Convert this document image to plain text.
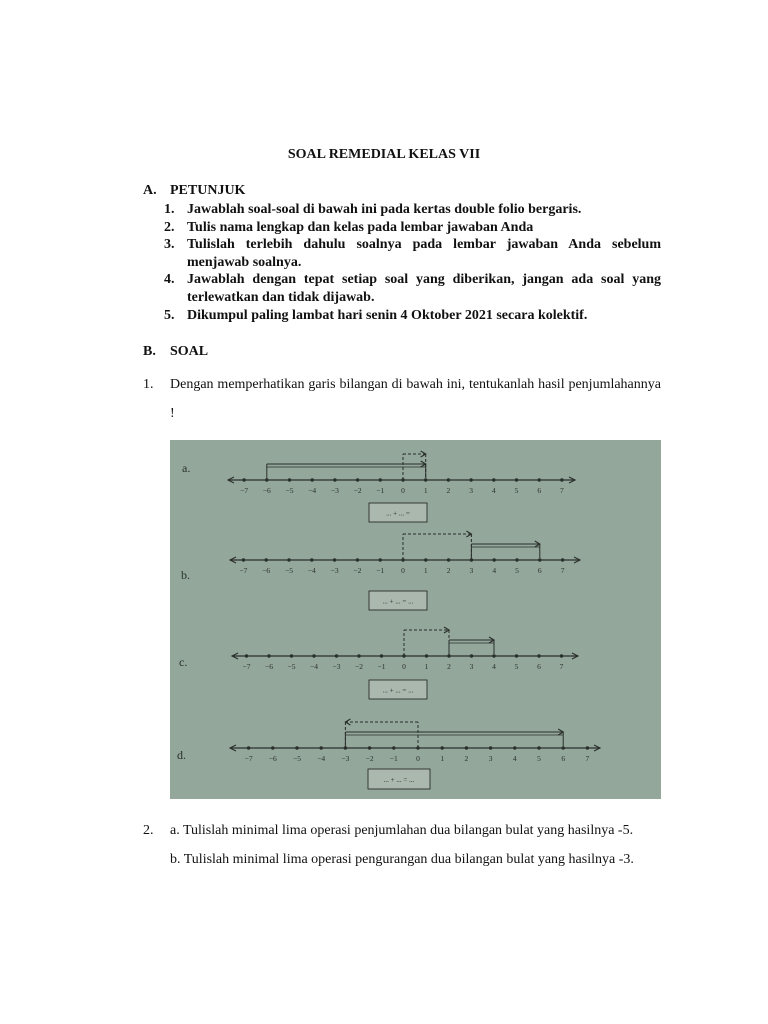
SOAL REMEDIAL KELAS VII
A. PETUNJUK
1. Jawablah soal-soal di bawah ini pada kertas double folio bergaris.
2. Tulis nama lengkap dan kelas pada lembar jawaban Anda
3. Tulislah terlebih dahulu soalnya pada lembar jawaban Anda sebelum menjawab soalnya.
4. Jawablah dengan tepat setiap soal yang diberikan, jangan ada soal yang terlewatkan dan tidak dijawab.
5. Dikumpul paling lambat hari senin 4 Oktober 2021 secara kolektif.
B. SOAL
1. Dengan memperhatikan garis bilangan di bawah ini, tentukanlah hasil penjumlahannya !
−7 −6 −5 −4 −3 −2 −1 0	1	2	3	4	5	6	7
a.
... + ... =
−7 −6 −5 −4 −3 −2 −1 0	1	2	3	4	5	6	7
b.
... + ... = ...
−7 −6 −5 −4 −3 −2 −1 0	1	2	3	4	5	6	7
c.
... + ... = ...
−7 −6 −5 −4 −3 −2 −1 0	1	2	3	4	5	6	7
d.
... + ... = ...
2. a. Tulislah minimal lima operasi penjumlahan dua bilangan bulat yang hasilnya -5.
b. Tulislah minimal lima operasi pengurangan dua bilangan bulat yang hasilnya -3.
